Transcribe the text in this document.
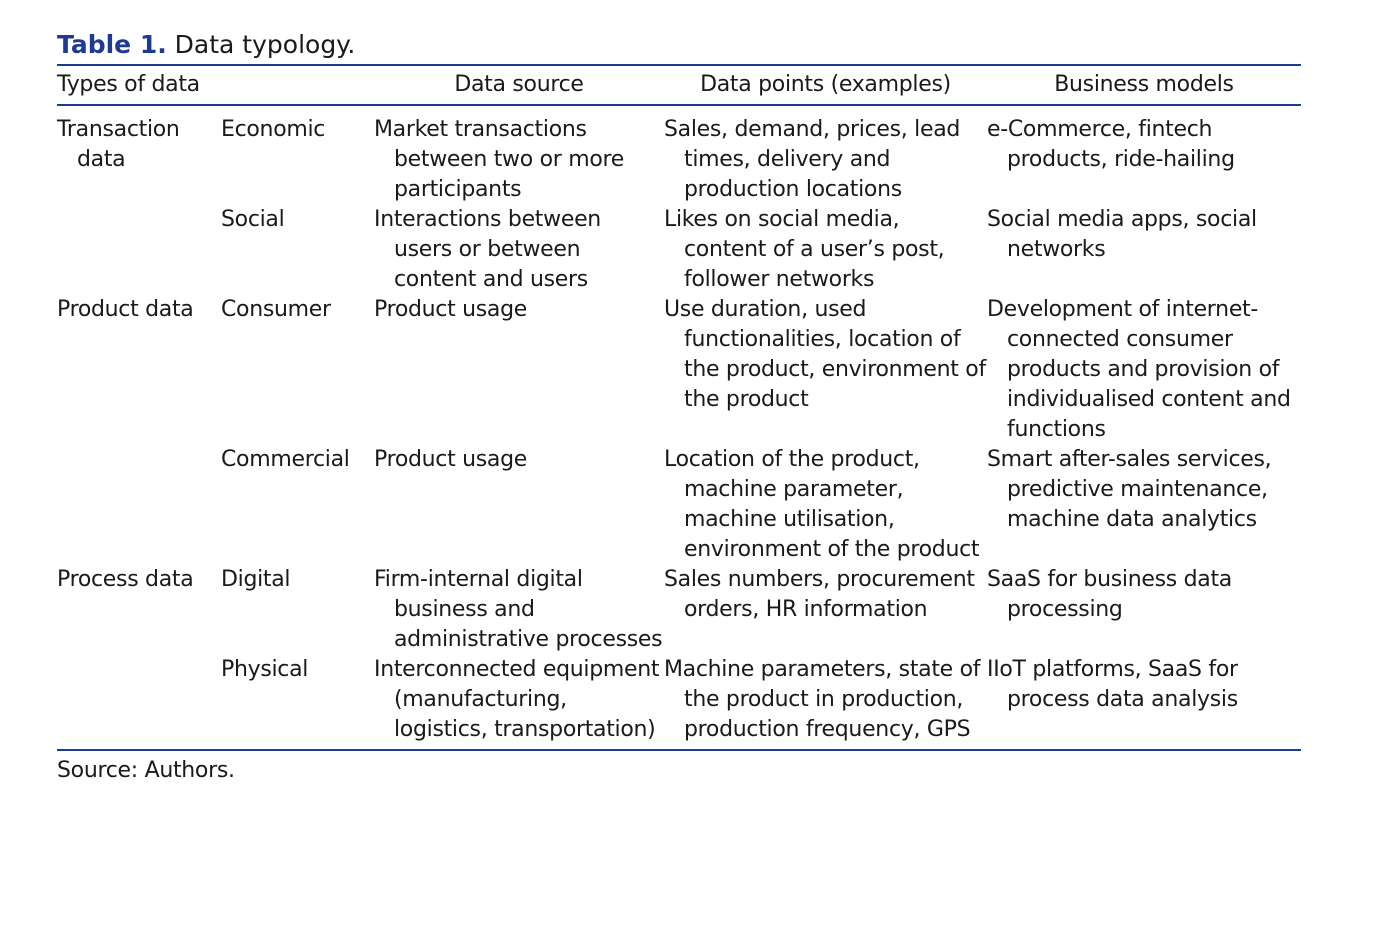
Table 1. Data typology.
Types of data		Data source	Data points (examples)	Business models
Transaction data	Economic	Market transactions between two or more participants	Sales, demand, prices, lead times, delivery and production locations	e-Commerce, fintech products, ride-hailing
	Social	Interactions between users or between content and users	Likes on social media, content of a user’s post, follower networks	Social media apps, social networks
Product data	Consumer	Product usage	Use duration, used functionalities, location of the product, environment of the product	Development of internet-connected consumer products and provision of individualised content and functions
	Commercial	Product usage	Location of the product, machine parameter, machine utilisation, environment of the product	Smart after-sales services, predictive maintenance, machine data analytics
Process data	Digital	Firm-internal digital business and administrative processes	Sales numbers, procurement orders, HR information	SaaS for business data processing
	Physical	Interconnected equipment (manufacturing, logistics, transportation)	Machine parameters, state of the product in production, production frequency, GPS	IIoT platforms, SaaS for process data analysis
Source: Authors.				
